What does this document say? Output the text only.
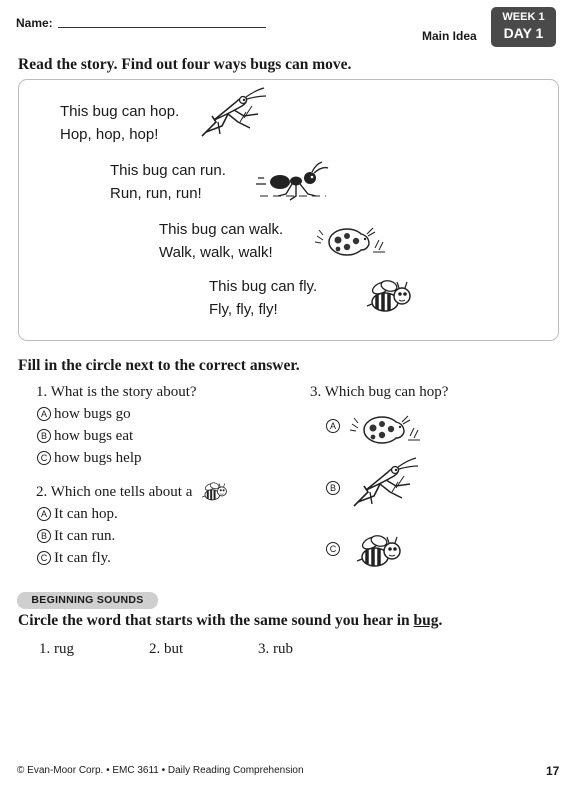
Name:
Main Idea
WEEK 1
DAY 1
Read the story. Find out four ways bugs can move.
This bug can hop.
Hop, hop, hop!
This bug can run.
Run, run, run!
This bug can walk.
Walk, walk, walk!
This bug can fly.
Fly, fly, fly!
Fill in the circle next to the correct answer.
1. What is the story about?
A how bugs go
B how bugs eat
C how bugs help
2. Which one tells about a
A It can hop.
B It can run.
C It can fly.
3. Which bug can hop?
A
B
C
BEGINNING SOUNDS
Circle the word that starts with the same sound you hear in bug.
1. rug	2. but	3. rub
© Evan-Moor Corp. • EMC 3611 • Daily Reading Comprehension	17
